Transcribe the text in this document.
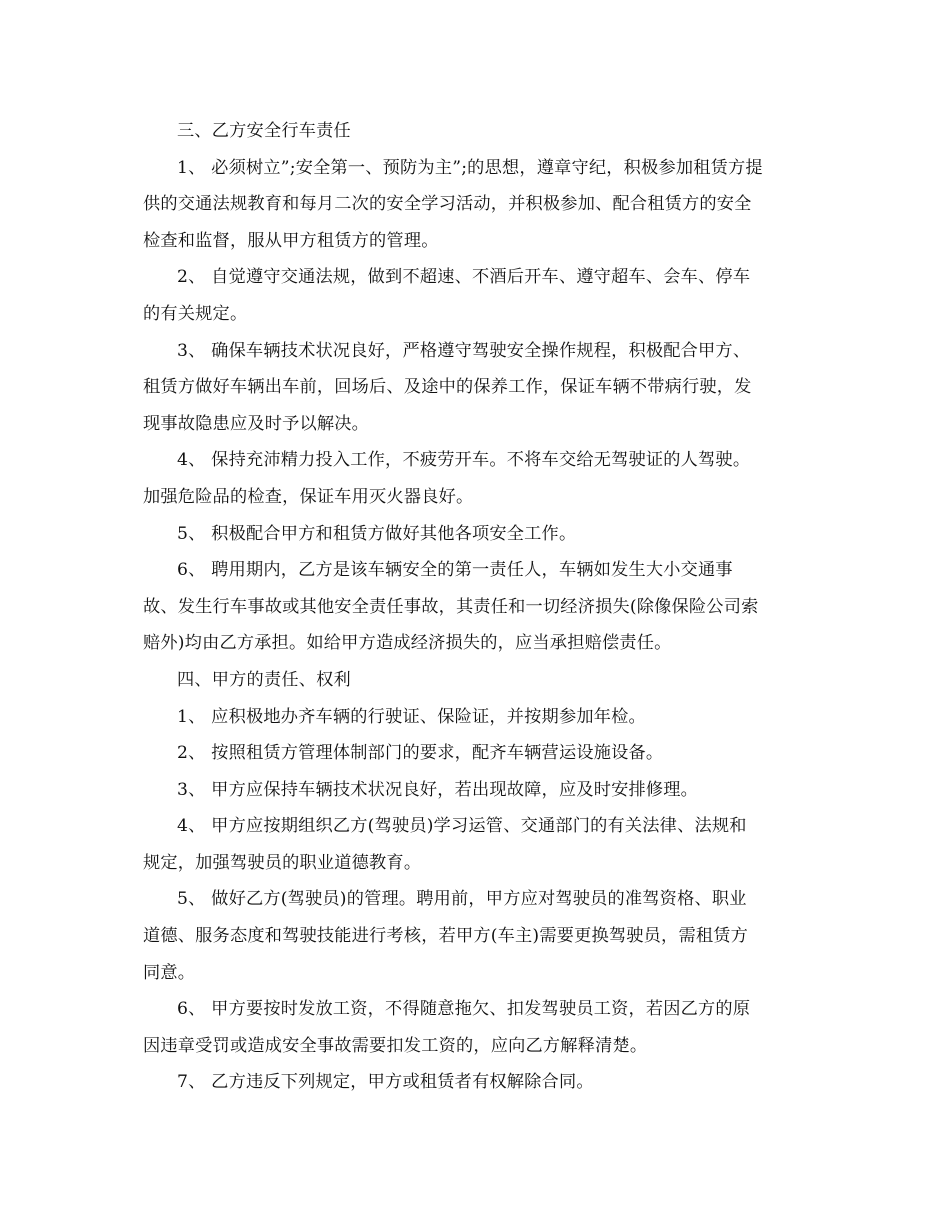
三、乙方安全行车责任

1、 必须树立”;安全第一、预防为主”;的思想，遵章守纪，积极参加租赁方提
供的交通法规教育和每月二次的安全学习活动，并积极参加、配合租赁方的安全
检查和监督，服从甲方租赁方的管理。

2、 自觉遵守交通法规，做到不超速、不酒后开车、遵守超车、会车、停车
的有关规定。

3、 确保车辆技术状况良好，严格遵守驾驶安全操作规程，积极配合甲方、
租赁方做好车辆出车前，回场后、及途中的保养工作，保证车辆不带病行驶，发
现事故隐患应及时予以解决。

4、 保持充沛精力投入工作，不疲劳开车。不将车交给无驾驶证的人驾驶。
加强危险品的检查，保证车用灭火器良好。

5、 积极配合甲方和租赁方做好其他各项安全工作。

6、 聘用期内，乙方是该车辆安全的第一责任人，车辆如发生大小交通事
故、发生行车事故或其他安全责任事故，其责任和一切经济损失(除像保险公司索
赔外)均由乙方承担。如给甲方造成经济损失的，应当承担赔偿责任。

四、甲方的责任、权利

1、 应积极地办齐车辆的行驶证、保险证，并按期参加年检。

2、 按照租赁方管理体制部门的要求，配齐车辆营运设施设备。

3、 甲方应保持车辆技术状况良好，若出现故障，应及时安排修理。

4、 甲方应按期组织乙方(驾驶员)学习运管、交通部门的有关法律、法规和
规定，加强驾驶员的职业道德教育。

5、 做好乙方(驾驶员)的管理。聘用前，甲方应对驾驶员的准驾资格、职业
道德、服务态度和驾驶技能进行考核，若甲方(车主)需要更换驾驶员，需租赁方
同意。

6、 甲方要按时发放工资，不得随意拖欠、扣发驾驶员工资，若因乙方的原
因违章受罚或造成安全事故需要扣发工资的，应向乙方解释清楚。

7、 乙方违反下列规定，甲方或租赁者有权解除合同。
